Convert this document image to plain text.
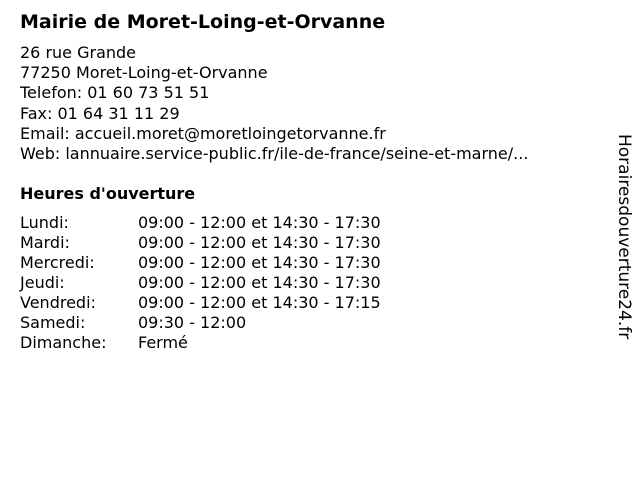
Mairie de Moret-Loing-et-Orvanne
26 rue Grande
77250 Moret-Loing-et-Orvanne
Telefon: 01 60 73 51 51
Fax: 01 64 31 11 29
Email: accueil.moret@moretloingetorvanne.fr
Web: lannuaire.service-public.fr/ile-de-france/seine-et-marne/...
Heures d'ouverture
Lundi:	09:00 - 12:00 et 14:30 - 17:30
Mardi:	09:00 - 12:00 et 14:30 - 17:30
Mercredi:	09:00 - 12:00 et 14:30 - 17:30
Jeudi:	09:00 - 12:00 et 14:30 - 17:30
Vendredi:	09:00 - 12:00 et 14:30 - 17:15
Samedi:	09:30 - 12:00
Dimanche: Fermé
Horairesdouverture24.fr
